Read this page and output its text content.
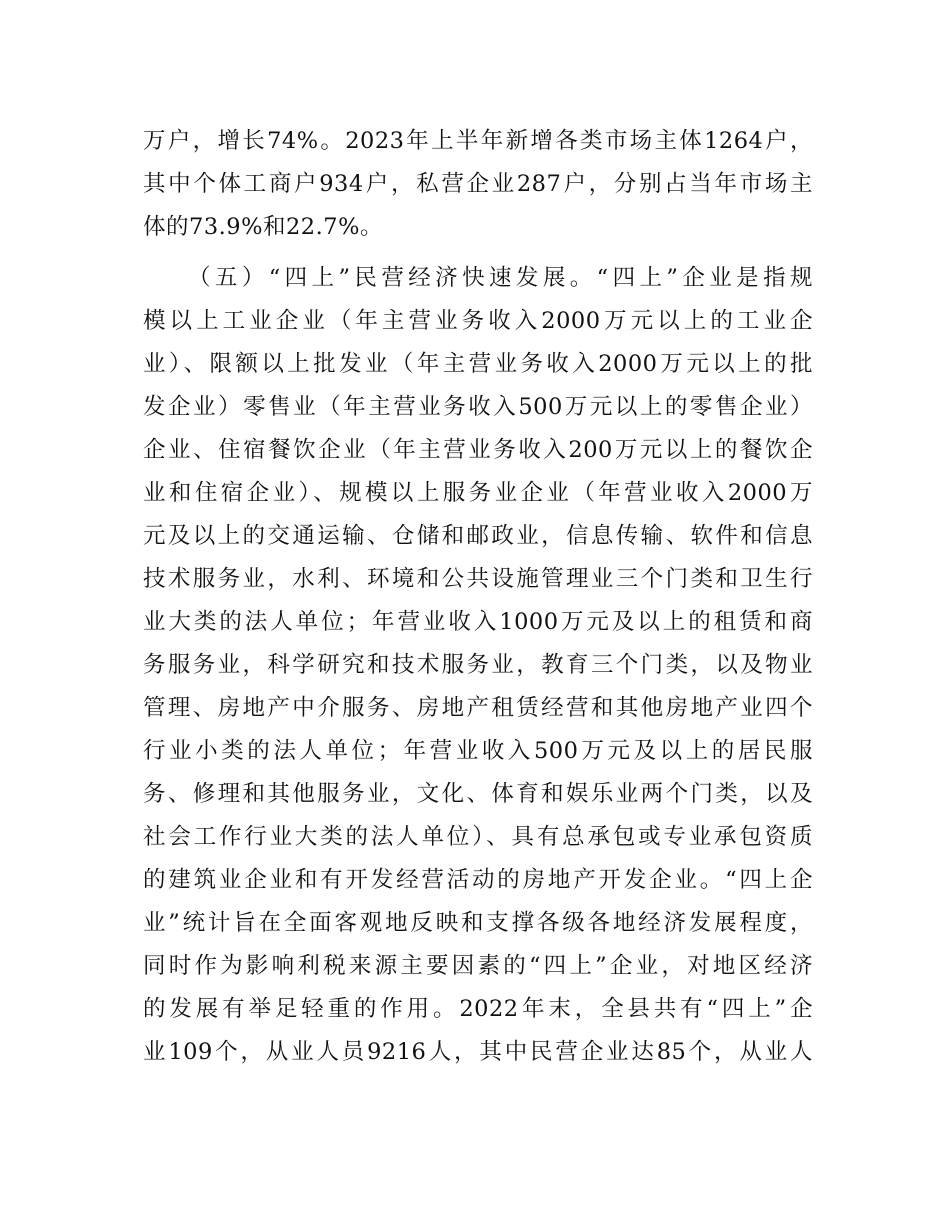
万户，增长74%。2023年上半年新增各类市场主体1264户，
其中个体工商户934户，私营企业287户，分别占当年市场主
体的73.9%和22.7%。
（五）“四上”民营经济快速发展。“四上”企业是指规
模以上工业企业（年主营业务收入2000万元以上的工业企
业）、限额以上批发业（年主营业务收入2000万元以上的批
发企业）零售业（年主营业务收入500万元以上的零售企业）
企业、住宿餐饮企业（年主营业务收入200万元以上的餐饮企
业和住宿企业）、规模以上服务业企业（年营业收入2000万
元及以上的交通运输、仓储和邮政业，信息传输、软件和信息
技术服务业，水利、环境和公共设施管理业三个门类和卫生行
业大类的法人单位；年营业收入1000万元及以上的租赁和商
务服务业，科学研究和技术服务业，教育三个门类，以及物业
管理、房地产中介服务、房地产租赁经营和其他房地产业四个
行业小类的法人单位；年营业收入500万元及以上的居民服
务、修理和其他服务业，文化、体育和娱乐业两个门类，以及
社会工作行业大类的法人单位）、具有总承包或专业承包资质
的建筑业企业和有开发经营活动的房地产开发企业。“四上企
业”统计旨在全面客观地反映和支撑各级各地经济发展程度，
同时作为影响利税来源主要因素的“四上”企业，对地区经济
的发展有举足轻重的作用。2022年末，全县共有“四上”企
业109个，从业人员9216人，其中民营企业达85个，从业人
